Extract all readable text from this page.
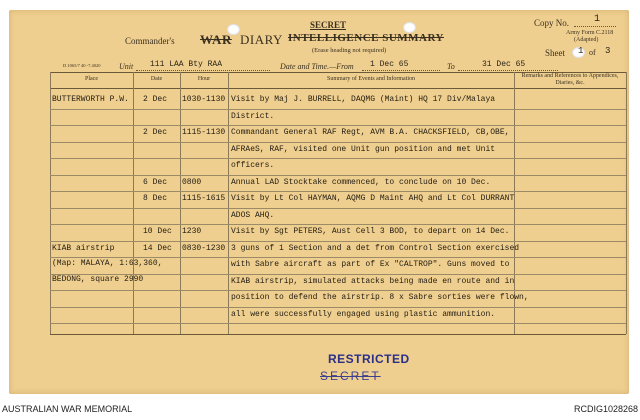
Copy No. 1
Army Form C.2118
(Adapted)
Sheet 1 of 3
Commander's WAR DIARY
SECRET
INTELLIGENCE SUMMARY
(Erase heading not required)
Unit 111 LAA Bty RAA	Date and Time.—From 1 Dec 65	To	31 Dec 65
D.1065/7 40 -7.4020
Place	Date	Hour	Summary of Events and Information	Remarks and References to Appendices, Diaries, &c.
BUTTERWORTH P.W. 2 Dec 1030-1130 Visit by Maj J. BURRELL, DAQMG (Maint) HQ 17 Div/Malaya
District.
2 Dec 1115-1130 Commandant General RAF Regt, AVM B.A. CHACKSFIELD, CB,OBE,
AFRAeS, RAF, visited one Unit gun position and met Unit
officers.
6 Dec 0800	Annual LAD Stocktake commenced, to conclude on 10 Dec.
8 Dec 1115-1615 Visit by Lt Col HAYMAN, AQMG D Maint AHQ and Lt Col DURRANT
ADOS AHQ.
10 Dec 1230	Visit by Sgt PETERS, Aust Cell 3 BOD, to depart on 14 Dec.
KIAB airstrip	14 Dec 0830-1230 3 guns of 1 Section and a det from Control Section exercised
with Sabre aircraft as part of Ex "CALTROP". Guns moved to
KIAB airstrip, simulated attacks being made en route and in
position to defend the airstrip. 8 x Sabre sorties were flown,
all were successfully engaged using plastic ammunition.
(Map: MALAYA, 1:63,360,
BEDONG, square 2990
RESTRICTED
SECRET
AUSTRALIAN WAR MEMORIAL	RCDIG1028268
